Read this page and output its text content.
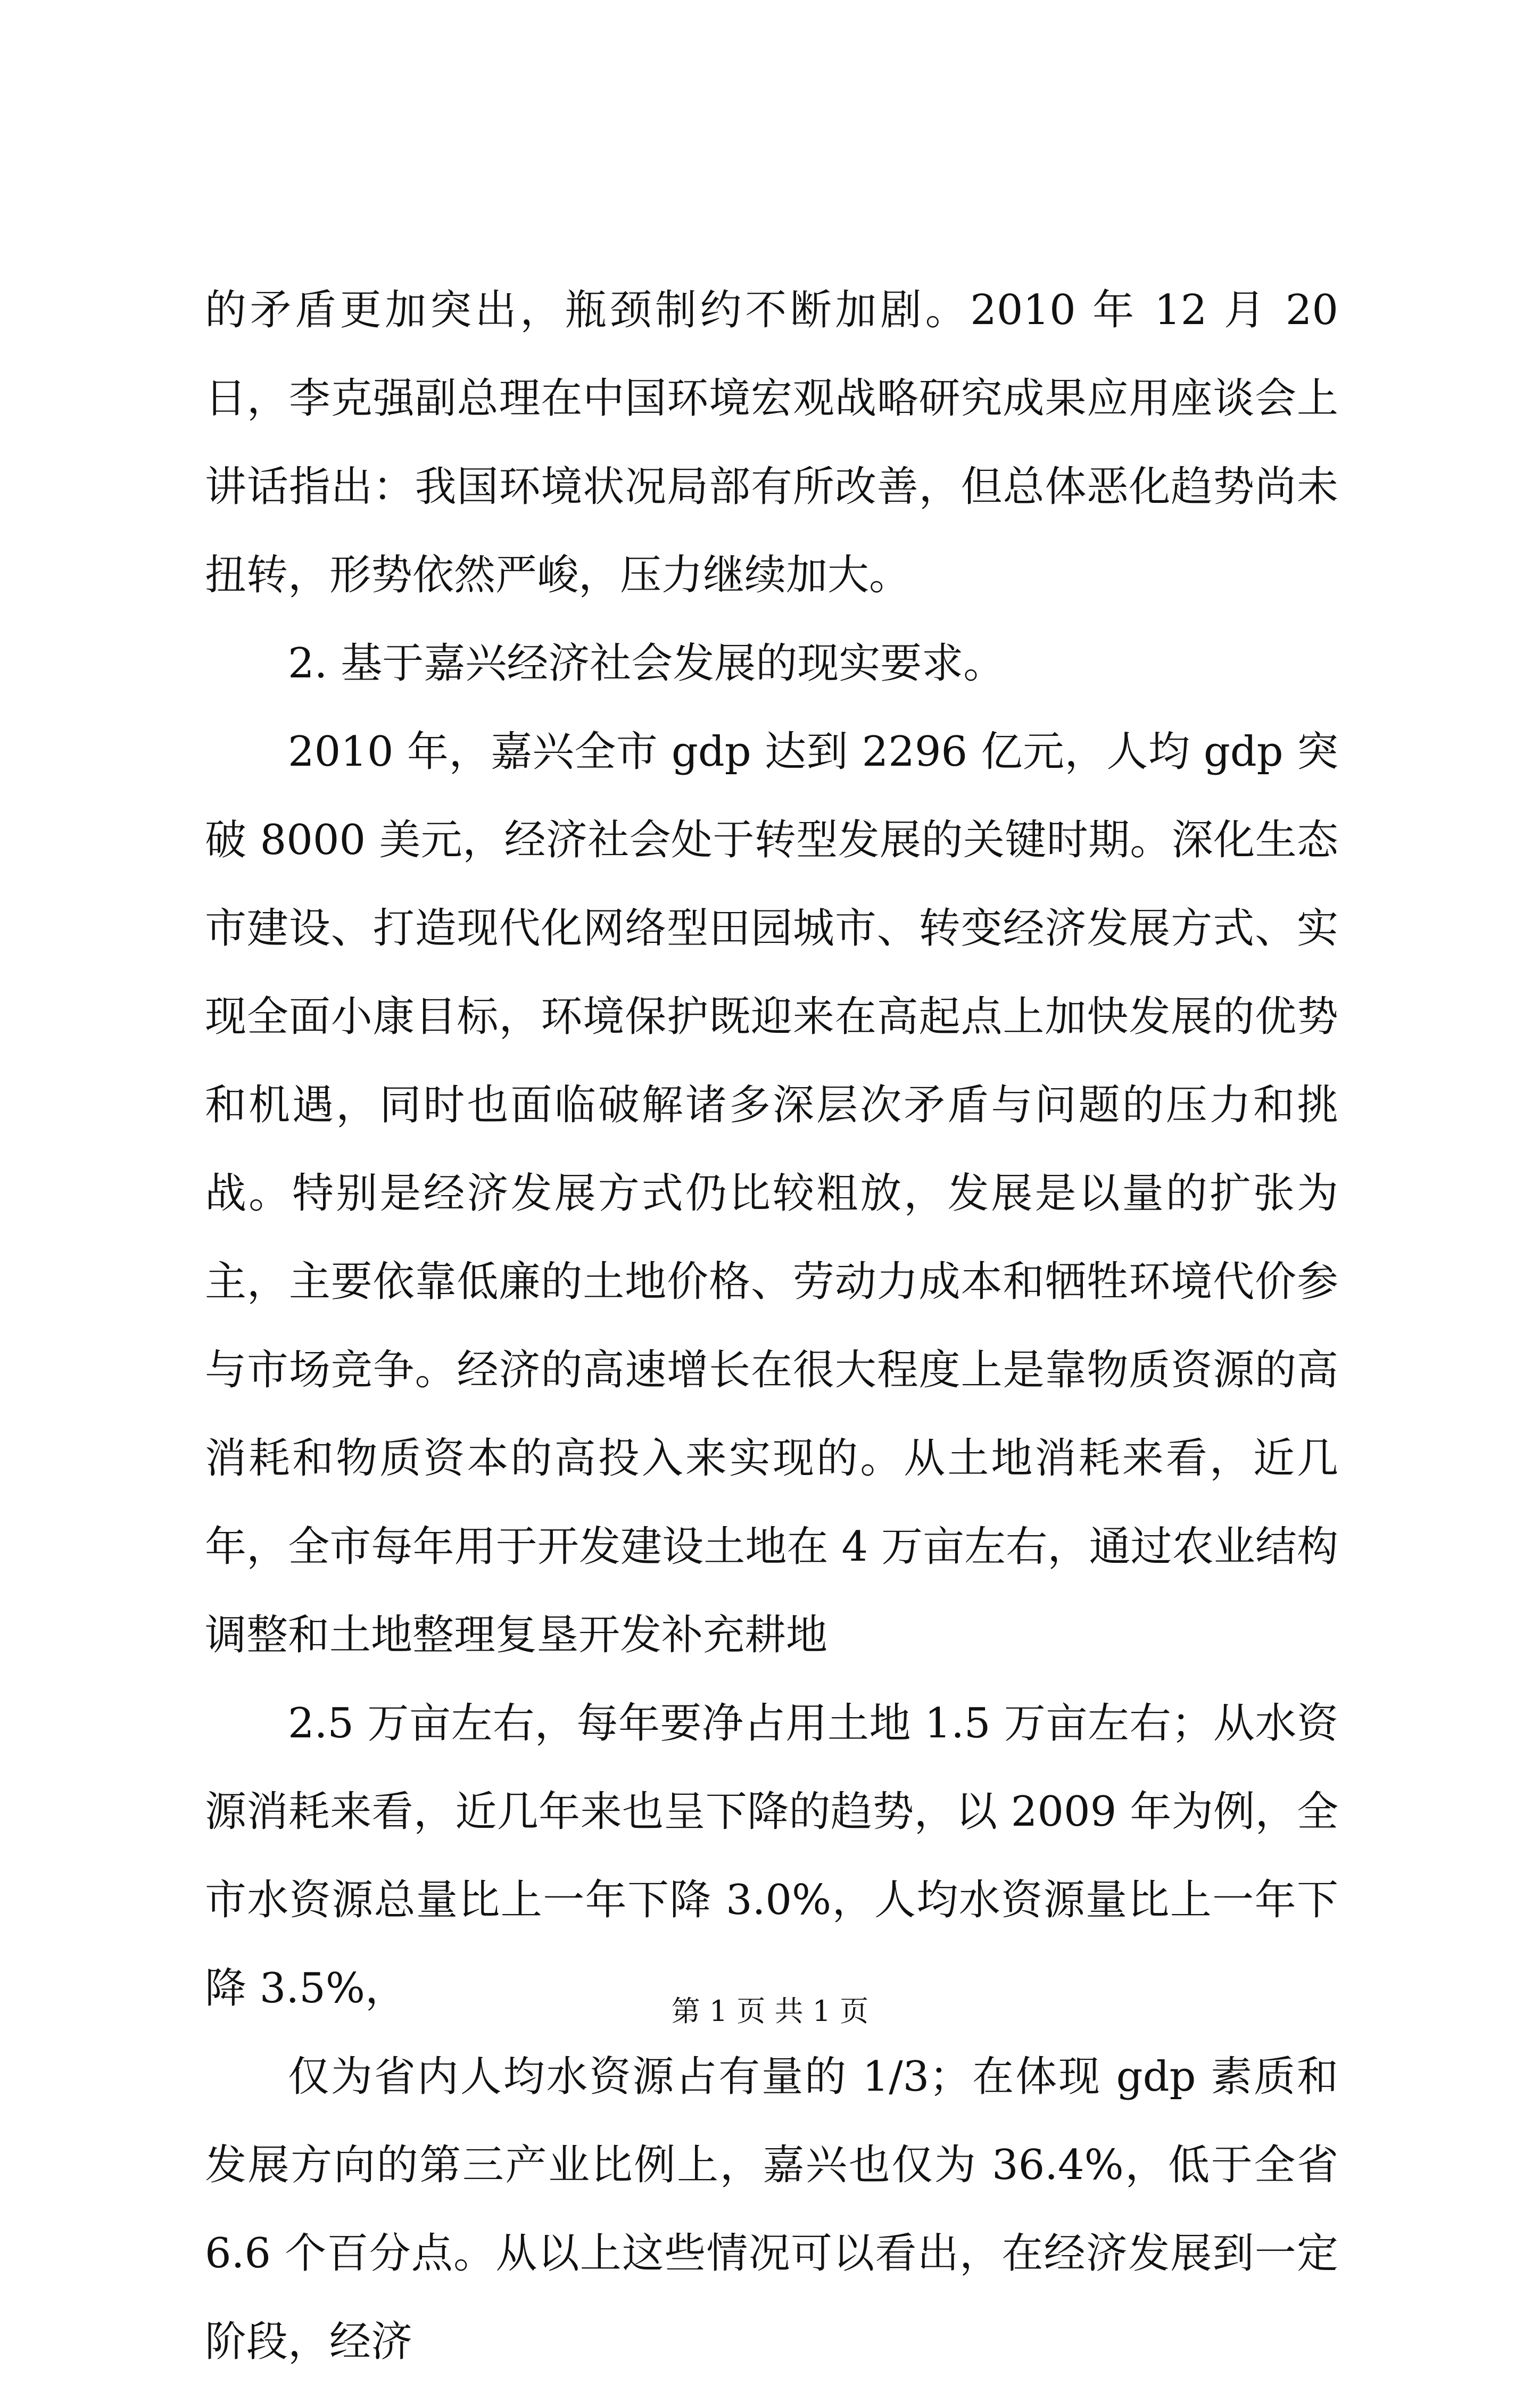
的矛盾更加突出，瓶颈制约不断加剧。2010 年 12 月 20 日，李克强副总理在中国环境宏观战略研究成果应用座谈会上讲话指出：我国环境状况局部有所改善，但总体恶化趋势尚未扭转，形势依然严峻，压力继续加大。

2. 基于嘉兴经济社会发展的现实要求。

2010 年，嘉兴全市 gdp 达到 2296 亿元，人均 gdp 突破 8000 美元，经济社会处于转型发展的关键时期。深化生态市建设、打造现代化网络型田园城市、转变经济发展方式、实现全面小康目标，环境保护既迎来在高起点上加快发展的优势和机遇，同时也面临破解诸多深层次矛盾与问题的压力和挑战。特别是经济发展方式仍比较粗放，发展是以量的扩张为主，主要依靠低廉的土地价格、劳动力成本和牺牲环境代价参与市场竞争。经济的高速增长在很大程度上是靠物质资源的高消耗和物质资本的高投入来实现的。从土地消耗来看，近几年，全市每年用于开发建设土地在 4 万亩左右，通过农业结构调整和土地整理复垦开发补充耕地

2.5 万亩左右，每年要净占用土地 1.5 万亩左右；从水资源消耗来看，近几年来也呈下降的趋势，以 2009 年为例，全市水资源总量比上一年下降 3.0%，人均水资源量比上一年下降 3.5%，

仅为省内人均水资源占有量的 1/3；在体现 gdp 素质和发展方向的第三产业比例上，嘉兴也仅为 36.4%，低于全省 6.6 个百分点。从以上这些情况可以看出，在经济发展到一定阶段，经济

第 1 页 共 1 页
